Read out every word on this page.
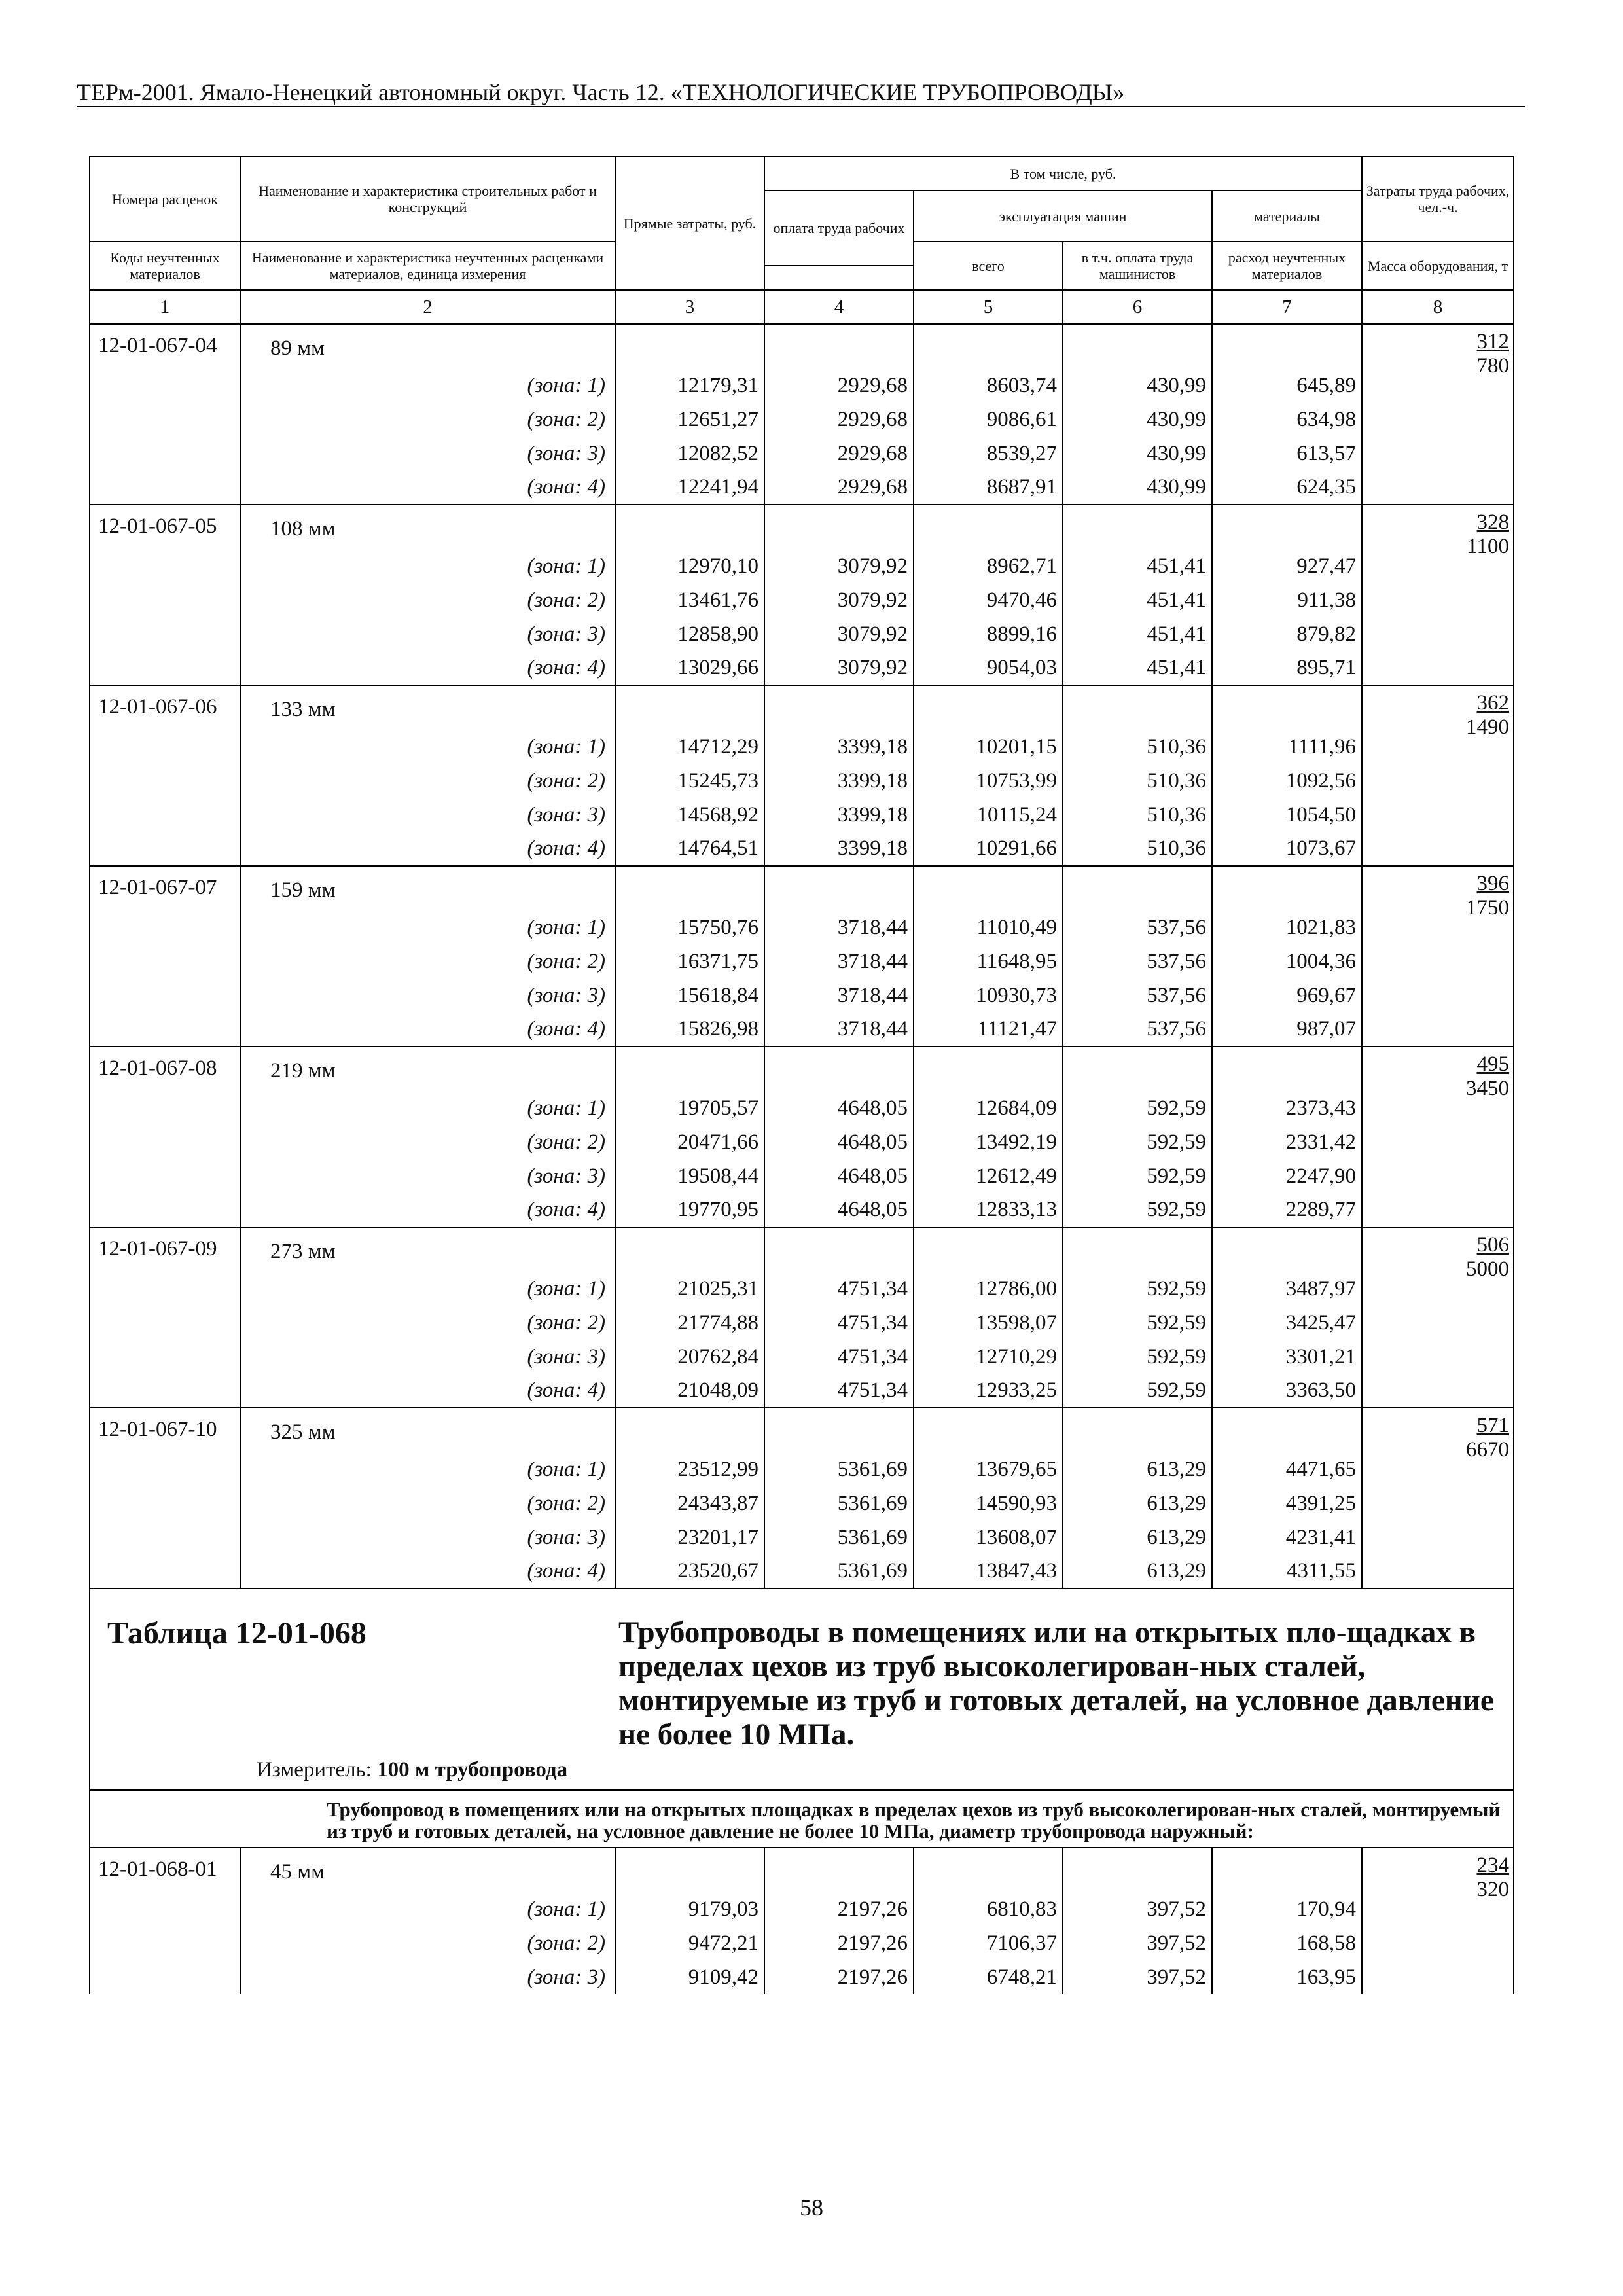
ТЕРм-2001. Ямало-Ненецкий автономный округ. Часть 12. «ТЕХНОЛОГИЧЕСКИЕ ТРУБОПРОВОДЫ»
Номера расценок	Наименование и характеристика строительных работ и конструкций	Прямые затраты, руб.	В том числе, руб.				Затраты труда рабочих, чел.-ч.
			оплата труда рабочих	эксплуатация машин		материалы	

Коды неучтенных материалов	Наименование и характеристика неучтенных расценками материалов, единица измерения			всего	в т.ч. оплата труда машинистов	расход неучтенных материалов	Масса оборудования, т

1	2	3	4	5	6	7	8
12-01-067-04	89 мм						312
780

	(зона: 1)	12179,31	2929,68	8603,74	430,99	645,89	
	(зона: 2)	12651,27	2929,68	9086,61	430,99	634,98	
	(зона: 3)	12082,52	2929,68	8539,27	430,99	613,57	
	(зона: 4)	12241,94	2929,68	8687,91	430,99	624,35	
12-01-067-05	108 мм						328
1100

	(зона: 1)	12970,10	3079,92	8962,71	451,41	927,47	
	(зона: 2)	13461,76	3079,92	9470,46	451,41	911,38	
	(зона: 3)	12858,90	3079,92	8899,16	451,41	879,82	
	(зона: 4)	13029,66	3079,92	9054,03	451,41	895,71	
12-01-067-06	133 мм						362
1490

	(зона: 1)	14712,29	3399,18	10201,15	510,36	1111,96	
	(зона: 2)	15245,73	3399,18	10753,99	510,36	1092,56	
	(зона: 3)	14568,92	3399,18	10115,24	510,36	1054,50	
	(зона: 4)	14764,51	3399,18	10291,66	510,36	1073,67	
12-01-067-07	159 мм						396
1750

	(зона: 1)	15750,76	3718,44	11010,49	537,56	1021,83	
	(зона: 2)	16371,75	3718,44	11648,95	537,56	1004,36	
	(зона: 3)	15618,84	3718,44	10930,73	537,56	969,67	
	(зона: 4)	15826,98	3718,44	11121,47	537,56	987,07	
12-01-067-08	219 мм						495
3450

	(зона: 1)	19705,57	4648,05	12684,09	592,59	2373,43	
	(зона: 2)	20471,66	4648,05	13492,19	592,59	2331,42	
	(зона: 3)	19508,44	4648,05	12612,49	592,59	2247,90	
	(зона: 4)	19770,95	4648,05	12833,13	592,59	2289,77	
12-01-067-09	273 мм						506
5000

	(зона: 1)	21025,31	4751,34	12786,00	592,59	3487,97	
	(зона: 2)	21774,88	4751,34	13598,07	592,59	3425,47	
	(зона: 3)	20762,84	4751,34	12710,29	592,59	3301,21	
	(зона: 4)	21048,09	4751,34	12933,25	592,59	3363,50	
12-01-067-10	325 мм						571
6670

	(зона: 1)	23512,99	5361,69	13679,65	613,29	4471,65	
	(зона: 2)	24343,87	5361,69	14590,93	613,29	4391,25	
	(зона: 3)	23201,17	5361,69	13608,07	613,29	4231,41	
	(зона: 4)	23520,67	5361,69	13847,43	613,29	4311,55	

Таблица 12-01-068 Трубопроводы в помещениях или на открытых пло-щадках в пределах цехов из труб высоколегирован-ных сталей, монтируемые из труб и готовых деталей, на условное давление не более 10 МПа.
Измеритель: 100 м трубопровода							

	Трубопровод в помещениях или на открытых площадках в пределах цехов из труб высоколегирован-ных сталей, монтируемый из труб и готовых деталей, на условное давление не более 10 МПа, диаметр трубопровода наружный:						
12-01-068-01	45 мм						234
320

	(зона: 1)	9179,03	2197,26	6810,83	397,52	170,94	
	(зона: 2)	9472,21	2197,26	7106,37	397,52	168,58	
	(зона: 3)	9109,42	2197,26	6748,21	397,52	163,95	
58
